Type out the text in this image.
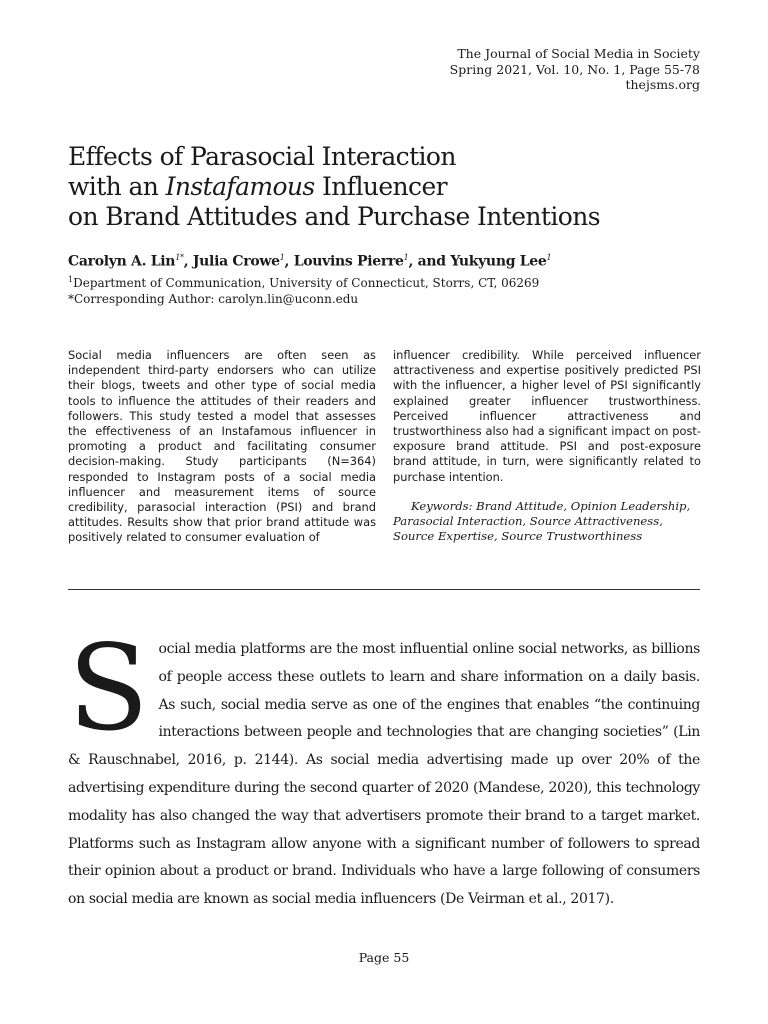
The Journal of Social Media in Society
Spring 2021, Vol. 10, No. 1, Page 55-78
thejsms.org
Effects of Parasocial Interaction
with an Instafamous Influencer
on Brand Attitudes and Purchase Intentions
Carolyn A. Lin$^{1*}$, Julia Crowe$^1$, Louvins Pierre$^1$, and Yukyung Lee$^1$
$^1$Department of Communication, University of Connecticut, Storrs, CT, 06269
*Corresponding Author: carolyn.lin@uconn.edu

Social media influencers are often seen as independent third-party endorsers who can utilize their blogs, tweets and other type of social media tools to influence the attitudes of their readers and followers. This study tested a model that assesses the effectiveness of an Instafamous influencer in promoting a product and facilitating consumer decision-making. Study participants (N=364) responded to Instagram posts of a social media influencer and measurement items of source credibility, parasocial interaction (PSI) and brand attitudes. Results show that prior brand attitude was positively related to consumer evaluation of

influencer credibility. While perceived influencer attractiveness and expertise positively predicted PSI with the influencer, a higher level of PSI significantly explained greater influencer trustworthiness. Perceived influencer attractiveness and trustworthiness also had a significant impact on post-exposure brand attitude. PSI and post-exposure brand attitude, in turn, were significantly related to purchase intention.

Keywords: Brand Attitude, Opinion Leadership, Parasocial Interaction, Source Attractiveness, Source Expertise, Source Trustworthiness

S ocial media platforms are the most influential online social networks, as billions of people access these outlets to learn and share information on a daily basis. As such, social media serve as one of the engines that enables “the continuing interactions between people and technologies that are changing societies” (Lin & Rauschnabel, 2016, p. 2144). As social media advertising made up over 20% of the advertising expenditure during the second quarter of 2020 (Mandese, 2020), this technology modality has also changed the way that advertisers promote their brand to a target market. Platforms such as Instagram allow anyone with a significant number of followers to spread their opinion about a product or brand. Individuals who have a large following of consumers on social media are known as social media influencers (De Veirman et al., 2017).

Page 55
